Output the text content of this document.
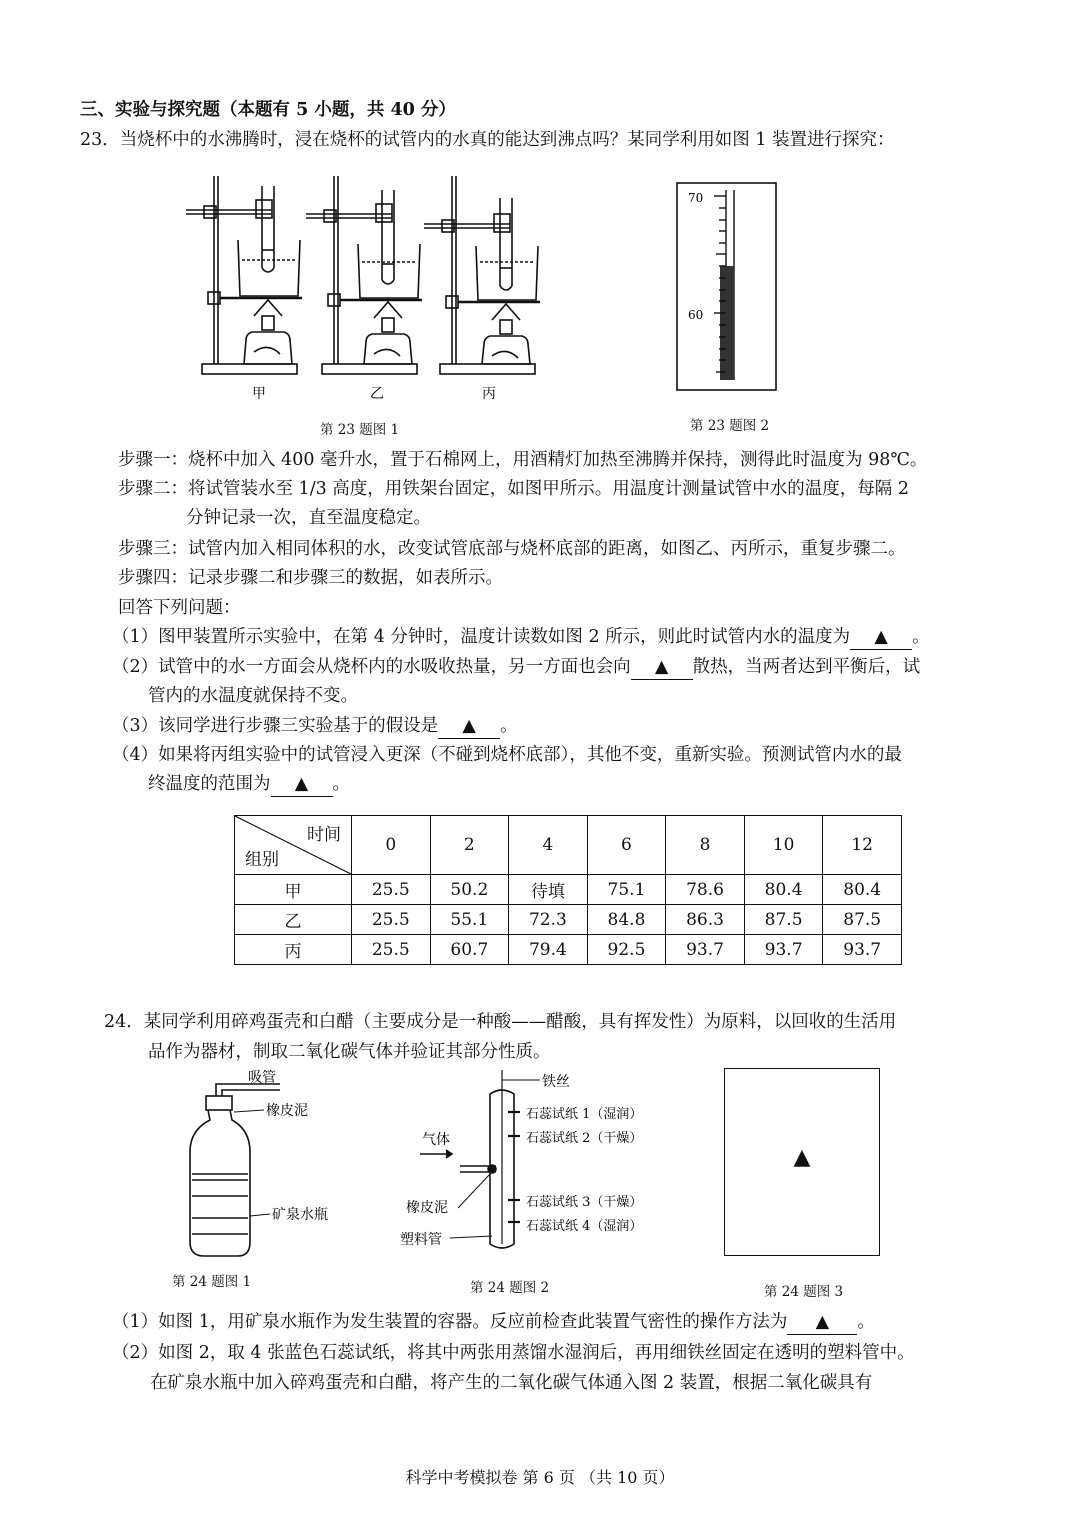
三、实验与探究题（本题有 5 小题，共 40 分）
23．当烧杯中的水沸腾时，浸在烧杯的试管内的水真的能达到沸点吗？某同学利用如图 1 装置进行探究：
甲	乙	丙
第 23 题图 1
70
60
第 23 题图 2
步骤一：烧杯中加入 400 毫升水，置于石棉网上，用酒精灯加热至沸腾并保持，测得此时温度为 98℃。
步骤二：将试管装水至 1/3 高度，用铁架台固定，如图甲所示。用温度计测量试管中水的温度，每隔 2
分钟记录一次，直至温度稳定。
步骤三：试管内加入相同体积的水，改变试管底部与烧杯底部的距离，如图乙、丙所示，重复步骤二。
步骤四：记录步骤二和步骤三的数据，如表所示。
回答下列问题：
（1）图甲装置所示实验中，在第 4 分钟时，温度计读数如图 2 所示，则此时试管内水的温度为 ▲ 。
（2）试管中的水一方面会从烧杯内的水吸收热量，另一方面也会向 ▲ 散热，当两者达到平衡后，试
管内的水温度就保持不变。
（3）该同学进行步骤三实验基于的假设是 ▲ 。
（4）如果将丙组实验中的试管浸入更深（不碰到烧杯底部），其他不变，重新实验。预测试管内水的最
终温度的范围为 ▲ 。
时间
组别	0	2	4	6	8	10	12
甲	25.5	50.2	待填	75.1	78.6	80.4	80.4
乙	25.5	55.1	72.3	84.8	86.3	87.5	87.5
丙	25.5	60.7	79.4	92.5	93.7	93.7	93.7
24．某同学利用碎鸡蛋壳和白醋（主要成分是一种酸——醋酸，具有挥发性）为原料，以回收的生活用
品作为器材，制取二氧化碳气体并验证其部分性质。
吸管
橡皮泥
矿泉水瓶
第 24 题图 1
铁丝
石蕊试纸 1（湿润）
石蕊试纸 2（干燥）
气体
橡皮泥	石蕊试纸 3（干燥）
石蕊试纸 4（湿润）
塑料管
第 24 题图 2
▲
第 24 题图 3
（1）如图 1，用矿泉水瓶作为发生装置的容器。反应前检查此装置气密性的操作方法为 ▲ 。
（2）如图 2，取 4 张蓝色石蕊试纸，将其中两张用蒸馏水湿润后，再用细铁丝固定在透明的塑料管中。
在矿泉水瓶中加入碎鸡蛋壳和白醋，将产生的二氧化碳气体通入图 2 装置，根据二氧化碳具有
科学中考模拟卷 第 6 页 （共 10 页）
